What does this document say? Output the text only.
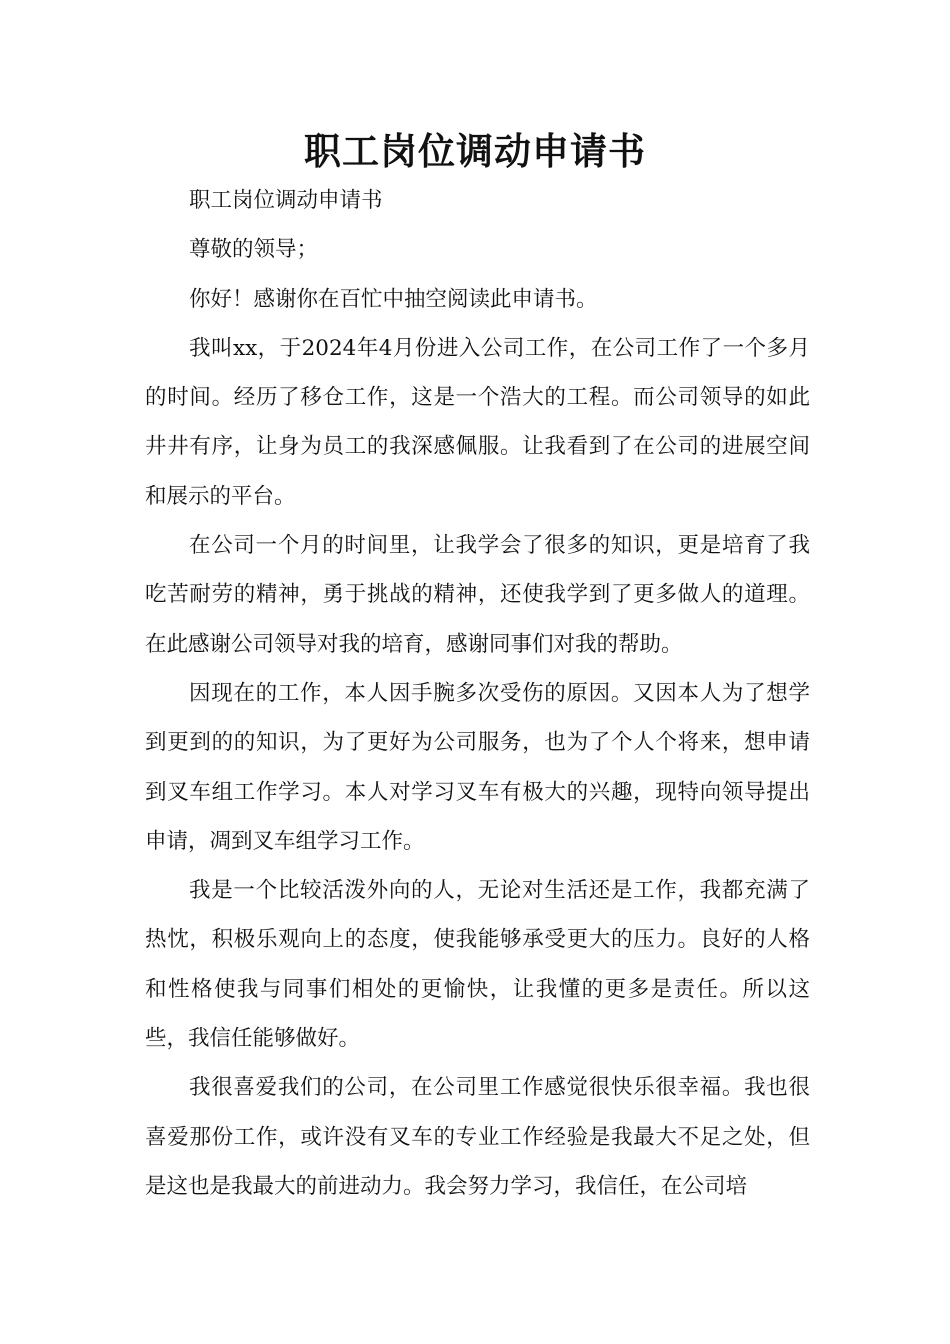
职工岗位调动申请书

职工岗位调动申请书

尊敬的领导；

你好！感谢你在百忙中抽空阅读此申请书。

我叫xx，于2024年4月份进入公司工作，在公司工作了一个多月的时间。经历了移仓工作，这是一个浩大的工程。而公司领导的如此井井有序，让身为员工的我深感佩服。让我看到了在公司的进展空间和展示的平台。

在公司一个月的时间里，让我学会了很多的知识，更是培育了我吃苦耐劳的精神，勇于挑战的精神，还使我学到了更多做人的道理。在此感谢公司领导对我的培育，感谢同事们对我的帮助。

因现在的工作，本人因手腕多次受伤的原因。又因本人为了想学到更到的的知识，为了更好为公司服务，也为了个人个将来，想申请到叉车组工作学习。本人对学习叉车有极大的兴趣，现特向领导提出申请，凋到叉车组学习工作。

我是一个比较活泼外向的人，无论对生活还是工作，我都充满了热忱，积极乐观向上的态度，使我能够承受更大的压力。良好的人格和性格使我与同事们相处的更愉快，让我懂的更多是责任。所以这些，我信任能够做好。

我很喜爱我们的公司，在公司里工作感觉很快乐很幸福。我也很喜爱那份工作，或许没有叉车的专业工作经验是我最大不足之处，但是这也是我最大的前进动力。我会努力学习，我信任，在公司培
